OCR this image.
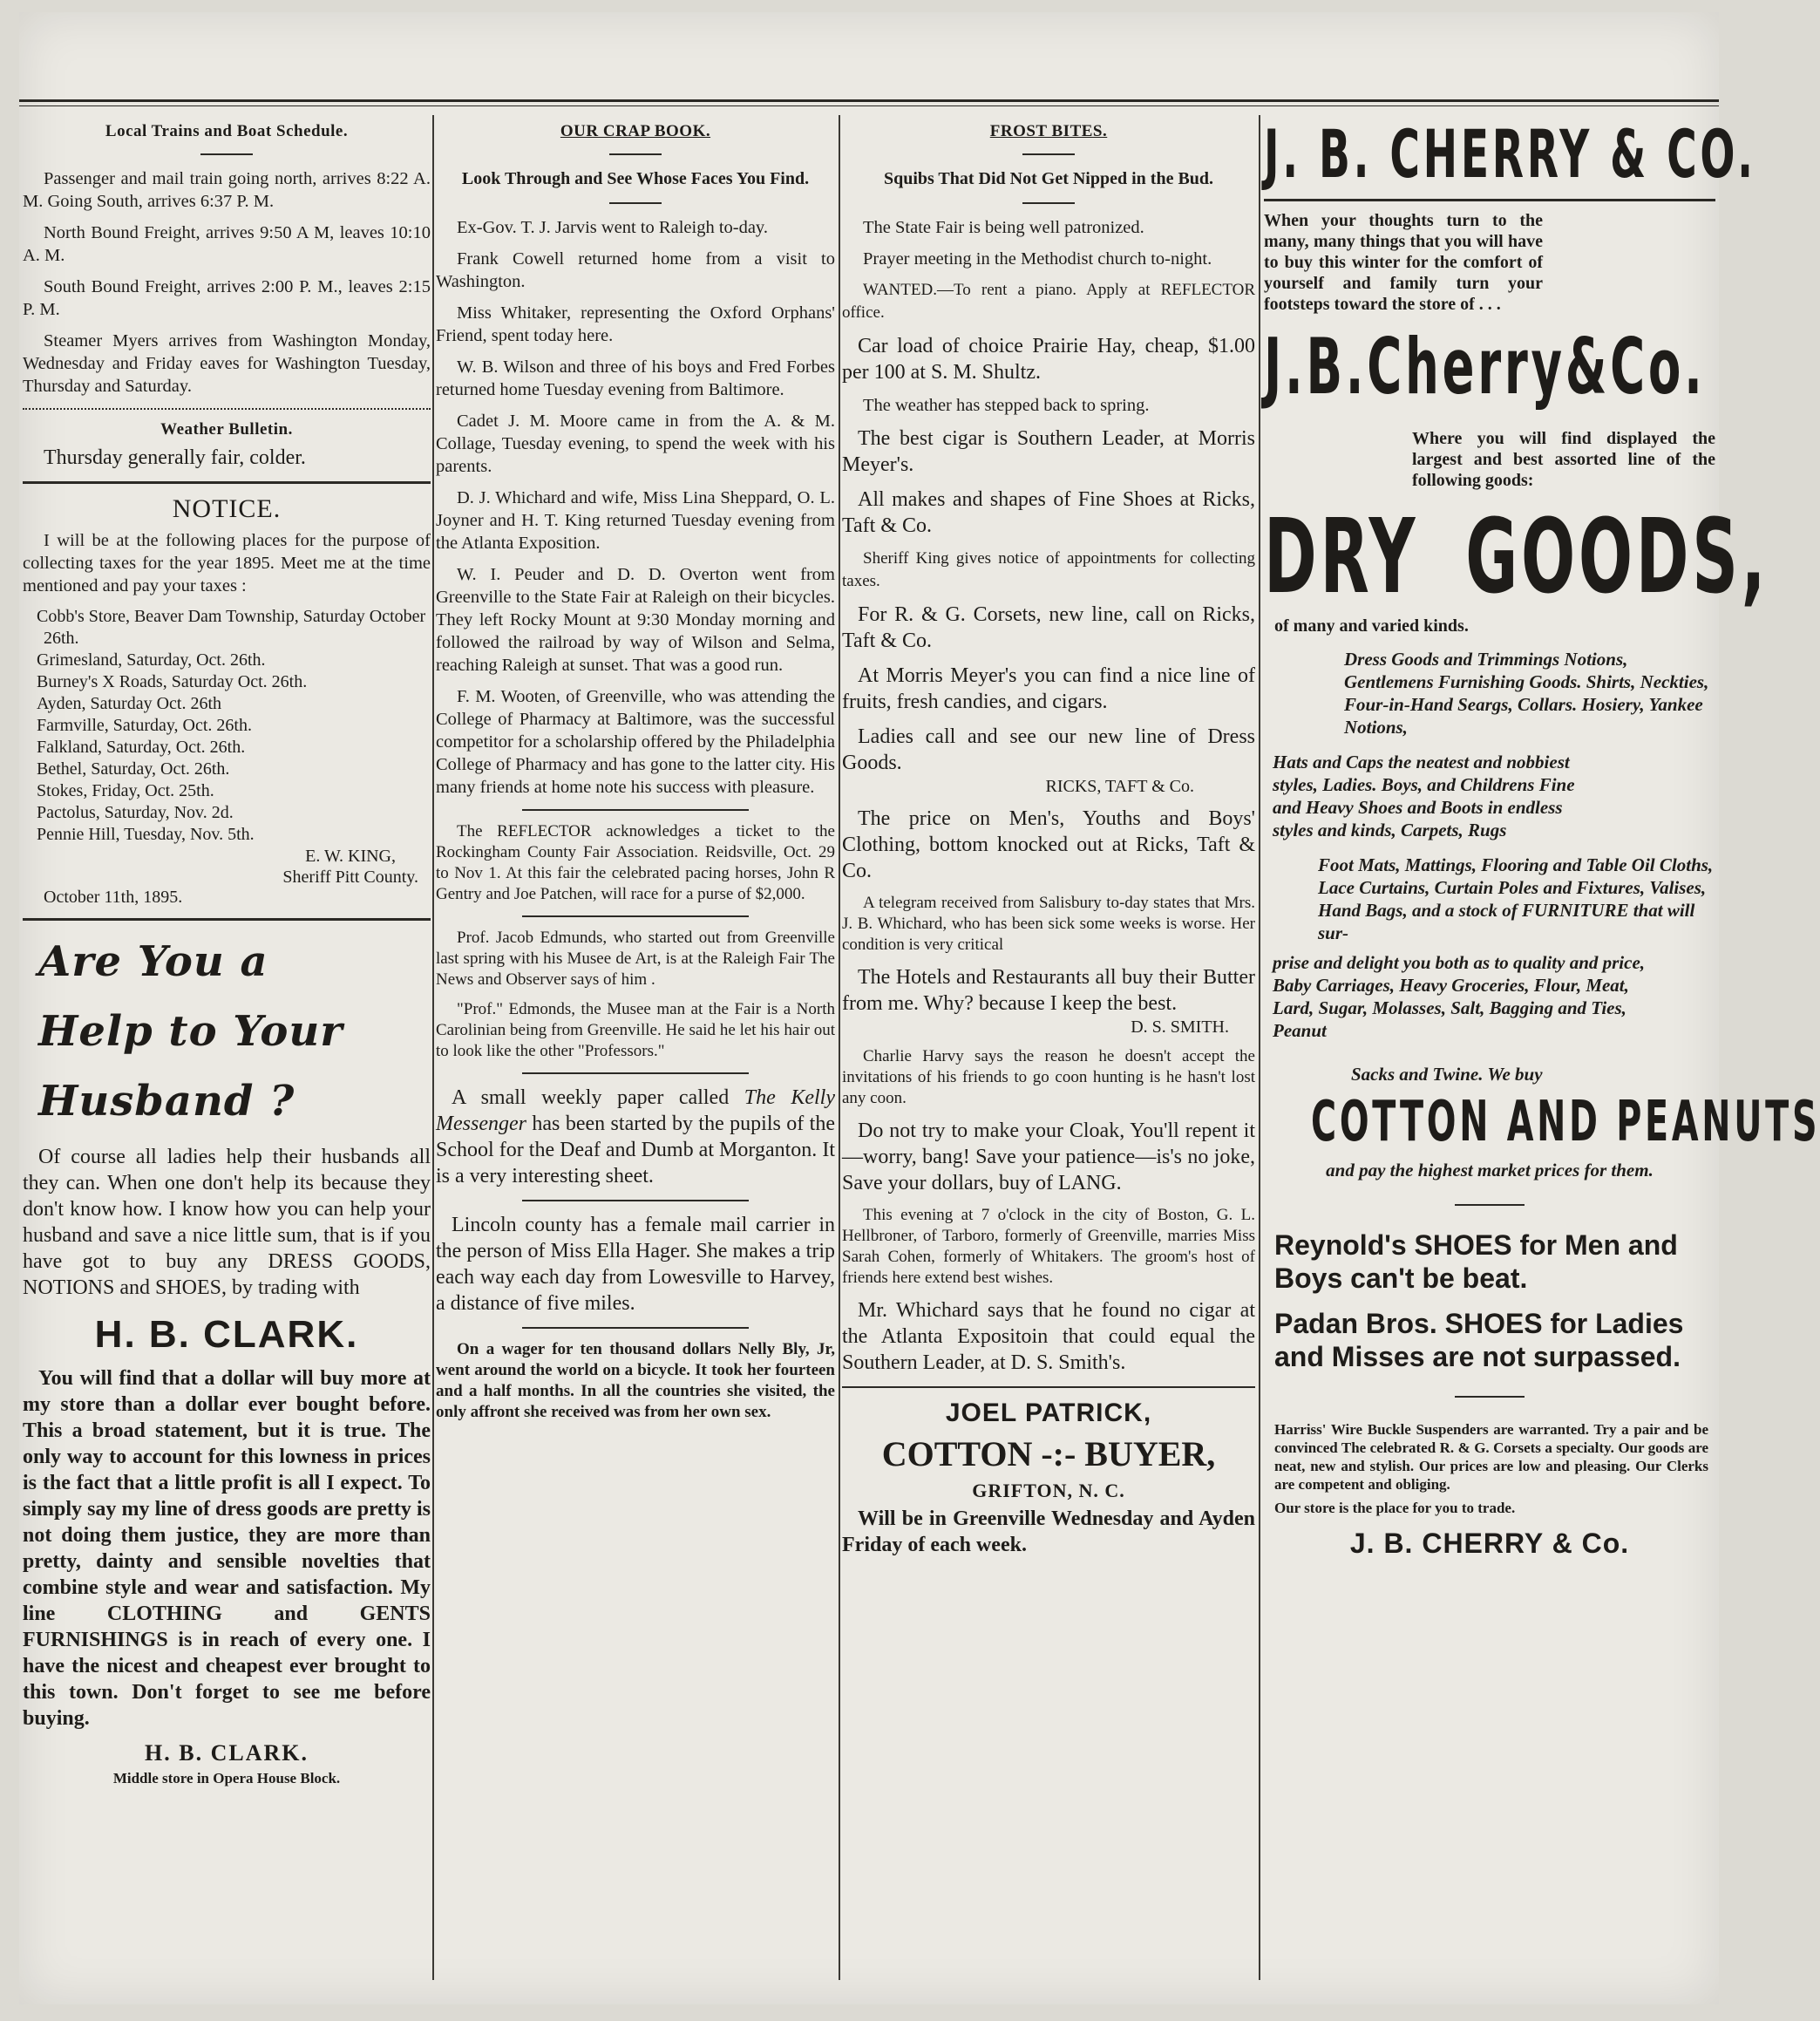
Local Trains and Boat Schedule.

Passenger and mail train going north, arrives 8:22 A. M. Going South, arrives 6:37 P. M.

North Bound Freight, arrives 9:50 A M, leaves 10:10 A. M.

South Bound Freight, arrives 2:00 P. M., leaves 2:15 P. M.

Steamer Myers arrives from Washington Monday, Wednesday and Friday eaves for Washington Tuesday, Thursday and Saturday.

Weather Bulletin.

Thursday generally fair, colder.

NOTICE.

I will be at the following places for the purpose of collecting taxes for the year 1895. Meet me at the time mentioned and pay your taxes :

Cobb's Store, Beaver Dam Township, Saturday October 26th.
Grimesland, Saturday, Oct. 26th.
Burney's X Roads, Saturday Oct. 26th.
Ayden, Saturday Oct. 26th
Farmville, Saturday, Oct. 26th.
Falkland, Saturday, Oct. 26th.
Bethel, Saturday, Oct. 26th.
Stokes, Friday, Oct. 25th.
Pactolus, Saturday, Nov. 2d.
Pennie Hill, Tuesday, Nov. 5th.
E. W. KING,
Sheriff Pitt County.
October 11th, 1895.
Are You a
Help to Your
Husband ?

Of course all ladies help their husbands all they can. When one don't help its because they don't know how. I know how you can help your husband and save a nice little sum, that is if you have got to buy any DRESS GOODS, NOTIONS and SHOES, by trading with

H. B. CLARK.

You will find that a dollar will buy more at my store than a dollar ever bought before. This a broad statement, but it is true. The only way to account for this lowness in prices is the fact that a little profit is all I expect. To simply say my line of dress goods are pretty is not doing them justice, they are more than pretty, dainty and sensible novelties that combine style and wear and satisfaction. My line CLOTHING and GENTS FURNISHINGS is in reach of every one. I have the nicest and cheapest ever brought to this town. Don't forget to see me before buying.

H. B. CLARK.
Middle store in Opera House Block.
OUR CRAP BOOK.
Look Through and See Whose Faces You Find.

Ex-Gov. T. J. Jarvis went to Raleigh to-day.

Frank Cowell returned home from a visit to Washington.

Miss Whitaker, representing the Oxford Orphans' Friend, spent today here.

W. B. Wilson and three of his boys and Fred Forbes returned home Tuesday evening from Baltimore.

Cadet J. M. Moore came in from the A. & M. Collage, Tuesday evening, to spend the week with his parents.

D. J. Whichard and wife, Miss Lina Sheppard, O. L. Joyner and H. T. King returned Tuesday evening from the Atlanta Exposition.

W. I. Peuder and D. D. Overton went from Greenville to the State Fair at Raleigh on their bicycles. They left Rocky Mount at 9:30 Monday morning and followed the railroad by way of Wilson and Selma, reaching Raleigh at sunset. That was a good run.

F. M. Wooten, of Greenville, who was attending the College of Pharmacy at Baltimore, was the successful competitor for a scholarship offered by the Philadelphia College of Pharmacy and has gone to the latter city. His many friends at home note his success with pleasure.

The REFLECTOR acknowledges a ticket to the Rockingham County Fair Association. Reidsville, Oct. 29 to Nov 1. At this fair the celebrated pacing horses, John R Gentry and Joe Patchen, will race for a purse of $2,000.

Prof. Jacob Edmunds, who started out from Greenville last spring with his Musee de Art, is at the Raleigh Fair The News and Observer says of him .

"Prof." Edmonds, the Musee man at the Fair is a North Carolinian being from Greenville. He said he let his hair out to look like the other "Professors."

A small weekly paper called The Kelly Messenger has been started by the pupils of the School for the Deaf and Dumb at Morganton. It is a very interesting sheet.

Lincoln county has a female mail carrier in the person of Miss Ella Hager. She makes a trip each way each day from Lowesville to Harvey, a distance of five miles.

On a wager for ten thousand dollars Nelly Bly, Jr, went around the world on a bicycle. It took her fourteen and a half months. In all the countries she visited, the only affront she received was from her own sex.

FROST BITES.
Squibs That Did Not Get Nipped in the Bud.

The State Fair is being well patronized.

Prayer meeting in the Methodist church to-night.

WANTED.—To rent a piano. Apply at REFLECTOR office.

Car load of choice Prairie Hay, cheap, $1.00 per 100 at S. M. Shultz.

The weather has stepped back to spring.

The best cigar is Southern Leader, at Morris Meyer's.

All makes and shapes of Fine Shoes at Ricks, Taft & Co.

Sheriff King gives notice of appointments for collecting taxes.

For R. & G. Corsets, new line, call on Ricks, Taft & Co.

At Morris Meyer's you can find a nice line of fruits, fresh candies, and cigars.

Ladies call and see our new line of Dress Goods.

RICKS, TAFT & Co.

The price on Men's, Youths and Boys' Clothing, bottom knocked out at Ricks, Taft & Co.

A telegram received from Salisbury to-day states that Mrs. J. B. Whichard, who has been sick some weeks is worse. Her condition is very critical

The Hotels and Restaurants all buy their Butter from me. Why? because I keep the best.

D. S. SMITH.

Charlie Harvy says the reason he doesn't accept the invitations of his friends to go coon hunting is he hasn't lost any coon.

Do not try to make your Cloak, You'll repent it—worry, bang! Save your patience—is's no joke, Save your dollars, buy of LANG.

This evening at 7 o'clock in the city of Boston, G. L. Hellbroner, of Tarboro, formerly of Greenville, marries Miss Sarah Cohen, formerly of Whitakers. The groom's host of friends here extend best wishes.

Mr. Whichard says that he found no cigar at the Atlanta Expositoin that could equal the Southern Leader, at D. S. Smith's.

JOEL PATRICK,
COTTON -:- BUYER,
GRIFTON, N. C.

Will be in Greenville Wednesday and Ayden Friday of each week.

J. B. CHERRY & CO.

When your thoughts turn to the many, many things that you will have to buy this winter for the comfort of yourself and family turn your footsteps toward the store of . . .

J.B.Cherry&Co.

Where you will find displayed the largest and best assorted line of the following goods:

DRY GOODS,

of many and varied kinds.

Dress Goods and Trimmings Notions, Gentlemens Furnishing Goods. Shirts, Neckties, Four-in-Hand Seargs, Collars. Hosiery, Yankee Notions,
Hats and Caps the neatest and nobbiest styles, Ladies. Boys, and Childrens Fine and Heavy Shoes and Boots in endless styles and kinds, Carpets, Rugs
Foot Mats, Mattings, Flooring and Table Oil Cloths, Lace Curtains, Curtain Poles and Fixtures, Valises, Hand Bags, and a stock of FURNITURE that will sur-
prise and delight you both as to quality and price, Baby Carriages, Heavy Groceries, Flour, Meat, Lard, Sugar, Molasses, Salt, Bagging and Ties, Peanut
Sacks and Twine. We buy
COTTON AND PEANUTS
and pay the highest market prices for them.
Reynold's SHOES for Men and Boys can't be beat.
Padan Bros. SHOES for Ladies and Misses are not surpassed.

Harriss' Wire Buckle Suspenders are warranted. Try a pair and be convinced The celebrated R. & G. Corsets a specialty. Our goods are neat, new and stylish. Our prices are low and pleasing. Our Clerks are competent and obliging.

Our store is the place for you to trade.

J. B. CHERRY & Co.
